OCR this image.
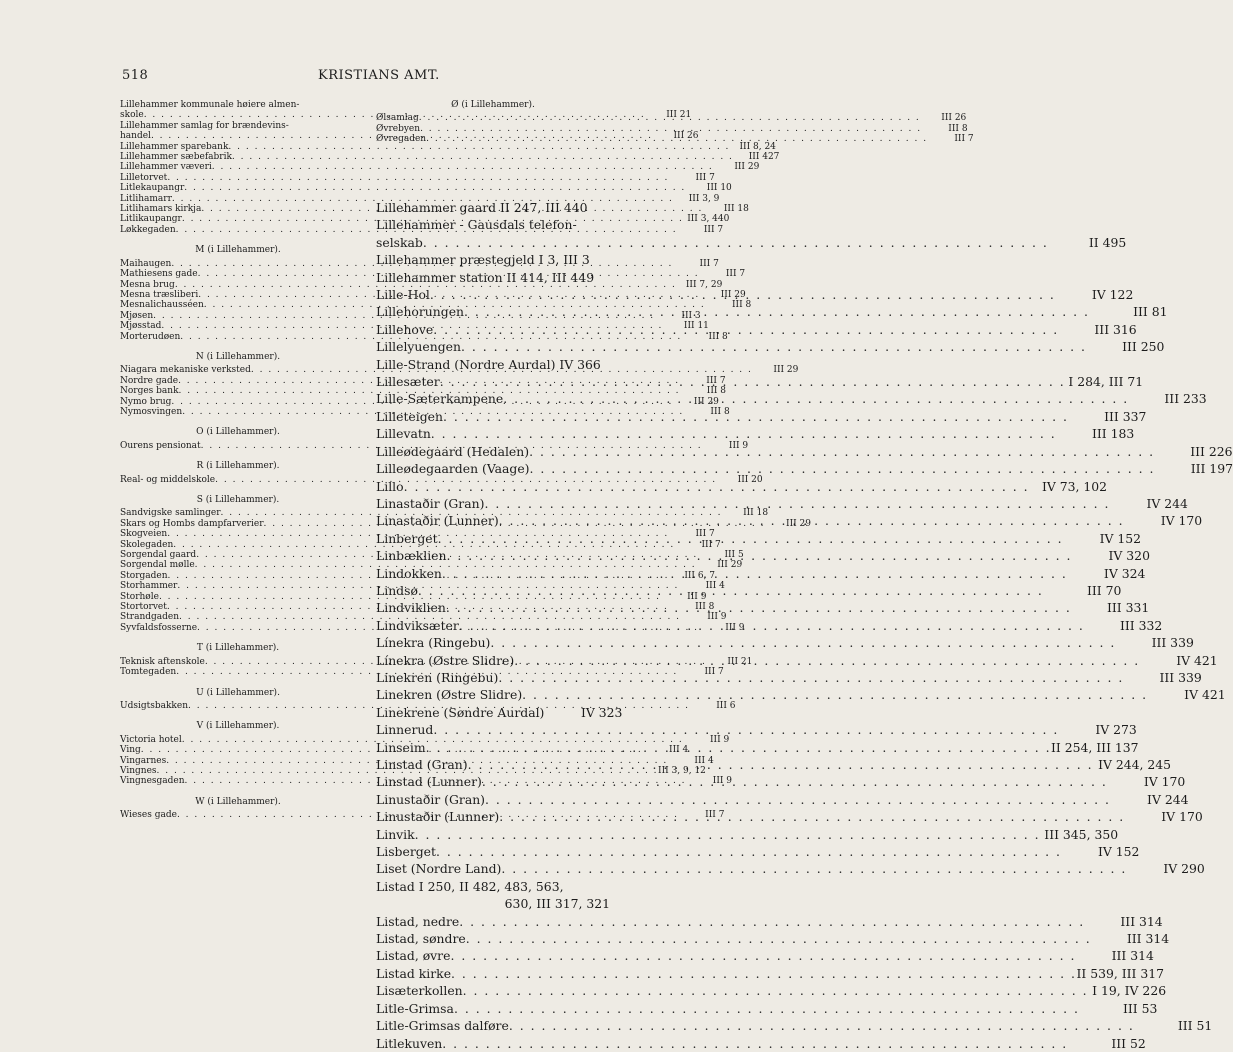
518	KRISTIANS AMT.
Lillehammer kommunale høiere almen-
skole . . .	III 21
Lillehammer samlag for brændevins-
handel . . .	III 26
Lillehammer sparebank . . .	III 8, 24
Lillehammer sæbefabrik . . .	III 427
Lillehammer væveri . . .	III 29
Lilletorvet . . .	III 7
Litlekaupangr . . .	III 10
Litlihamarr . . .	III 3, 9
Litlihamars kirkja . . .	III 18
Litlikaupangr . . .	III 3, 440
Løkkegaden . . .	III 7
M (i Lillehammer).
Maihaugen . . .	III 7
Mathiesens gade . . .	III 7
Mesna brug . . .	III 7, 29
Mesna træsliberi . . .	III 29
Mesnalichausséen . . .	III 8
Mjøsen . . .	III 3
Mjøsstad . . .	III 11
Morterudøen . . .	III 8
N (i Lillehammer).
Niagara mekaniske verksted . . .	III 29
Nordre gade . . .	III 7
Norges bank . . .	III 8
Nymo brug . . .	III 29
Nymosvingen . . .	III 8
O (i Lillehammer).
Ourens pensionat . . .	III 9
R (i Lillehammer).
Real- og middelskole . . .	III 20
S (i Lillehammer).
Sandvigske samlinger . . .	III 18
Skars og Hombs dampfarverier . . .	III 29
Skogveien . . .	III 7
Skolegaden . . .	III 7
Sorgendal gaard . . .	III 5
Sorgendal mølle . . .	III 29
Storgaden . . .	III 6, 7
Storhammer . . .	III 4
Storhøle . . .	III 9
Stortorvet . . .	III 8
Strandgaden . . .	III 9
Syvfaldsfosserne . . .	III 9
T (i Lillehammer).
Teknisk aftenskole . . .	III 21
Tomtegaden . . .	III 7
U (i Lillehammer).
Udsigtsbakken . . .	III 6
V (i Lillehammer).
Victoria hotel . . .	III 9
Ving . . .	III 4
Vingarnes . . .	III 4
Vingnes . . .	III 3, 9, 12
Vingnesgaden . . .	III 9
W (i Lillehammer).
Wieses gade . . .	III 7
Ø (i Lillehammer).
Ølsamlag . . .	III 26
Øvrebyen . . .	III 8
Øvregaden . . .	III 7
Lillehammer gaard II 247, III 440
Lillehammer - Gausdals telefon-
selskab . . .	II 495
Lillehammer præstegjeld I 3, III 3
Lillehammer station II 414, III 449
Lille-Hol . . .	IV 122
Lillehorungen . . .	III 81
Lillehove . . .	III 316
Lillelyuengen . . .	III 250
Lille-Strand (Nordre Aurdal) IV 366
Lillesæter . . .	I 284, III 71
Lille-Sæterkampene . . .	III 233
Lilleteigen . . .	III 337
Lillevatn . . .	III 183
Lilleødegaard (Hedalen) . . .	III 226
Lilleødegaarden (Vaage) . . .	III 197
Lillo . . .	IV 73, 102
Linastaðir (Gran) . . .	IV 244
Linastaðir (Lunner) . . .	IV 170
Linberget . . .	IV 152
Linbæklien . . .	IV 320
Lindokken . . .	IV 324
Lindsø . . .	III 70
Lindviklien . . .	III 331
Lindviksæter . . .	III 332
Línekra (Ringebu) . . .	III 339
Línekra (Østre Slidre) . . .	IV 421
Linekren (Ringebu) . . .	III 339
Linekren (Østre Slidre) . . .	IV 421
Linekrene (Søndre Aurdal)	IV 323
Linnerud . . .	IV 273
Linseim . . .	II 254, III 137
Linstad (Gran) . . .	IV 244, 245
Linstad (Lunner) . . .	IV 170
Linustaðir (Gran) . . .	IV 244
Linustaðir (Lunner) . . .	IV 170
Linvik . . .	III 345, 350
Lisberget . . .	IV 152
Liset (Nordre Land) . . .	IV 290
Listad I 250, II 482, 483, 563,
630, III 317, 321
Listad, nedre . . .	III 314
Listad, søndre . . .	III 314
Listad, øvre . . .	III 314
Listad kirke . . .	II 539, III 317
Lisæterkollen . . .	I 19, IV 226
Litle-Grimsa . . .	III 53
Litle-Grimsas dalføre . . .	III 51
Litlekuven . . .	III 52
